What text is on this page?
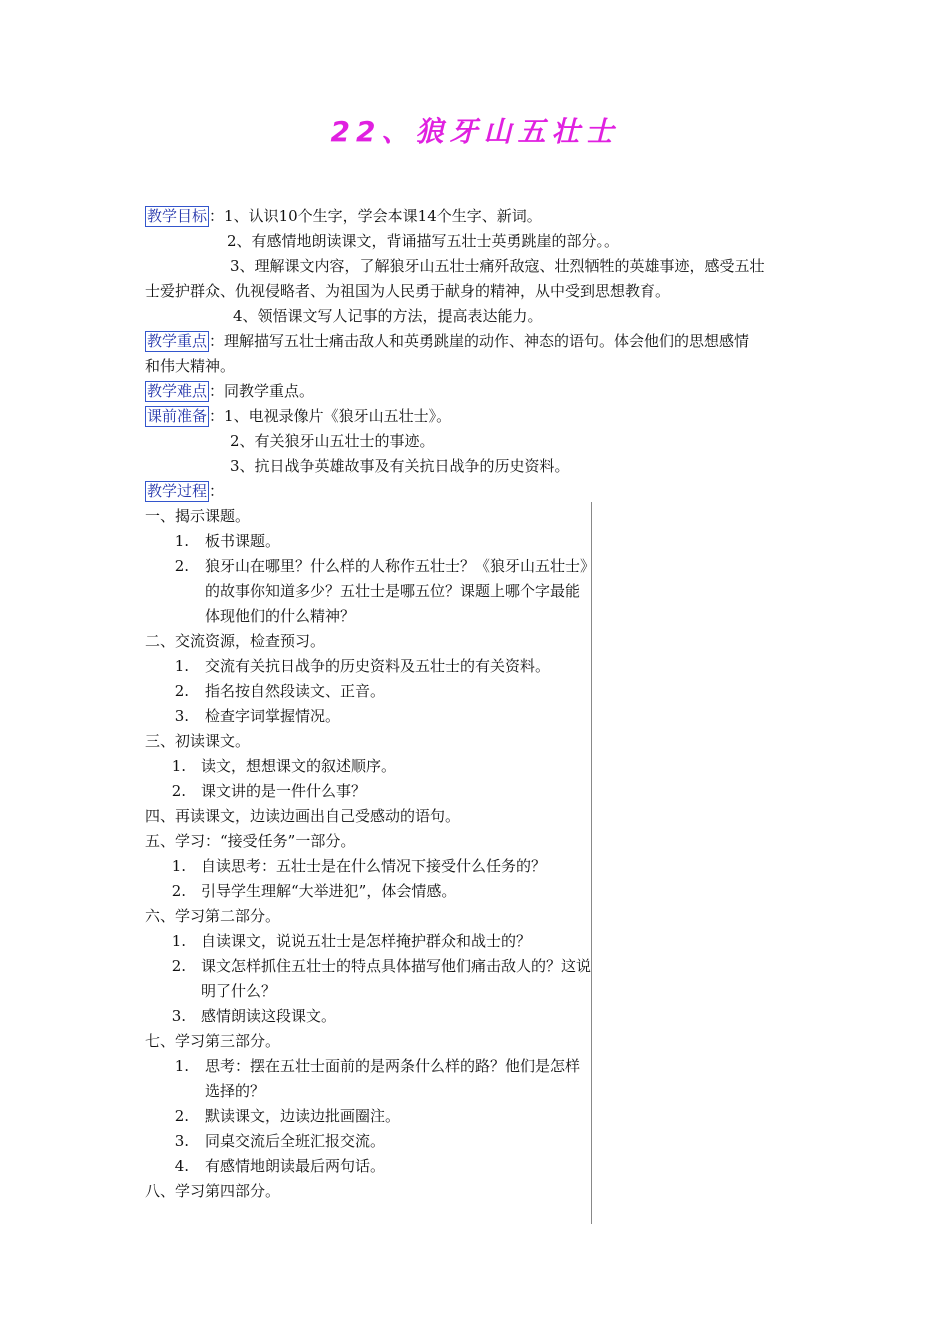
22、狼牙山五壮士
教学目标 ：1、认识10个生字，学会本课14个生字、新词。
2、有感情地朗读课文，背诵描写五壮士英勇跳崖的部分。。
3、理解课文内容，了解狼牙山五壮士痛歼敌寇、壮烈牺牲的英雄事迹，感受五壮
士爱护群众、仇视侵略者、为祖国为人民勇于献身的精神，从中受到思想教育。
4、领悟课文写人记事的方法，提高表达能力。
教学重点 ：理解描写五壮士痛击敌人和英勇跳崖的动作、神态的语句。体会他们的思想感情
和伟大精神。
教学难点 ：同教学重点。
课前准备 ：1、电视录像片《狼牙山五壮士》。
2、有关狼牙山五壮士的事迹。
3、抗日战争英雄故事及有关抗日战争的历史资料。
教学过程 ：
一、揭示课题。
1.	板书课题。
2.	狼牙山在哪里？什么样的人称作五壮士？《狼牙山五壮士》的故事你知道多少？五壮士是哪五位？课题上哪个字最能体现他们的什么精神？
二、交流资源，检查预习。
1.	交流有关抗日战争的历史资料及五壮士的有关资料。
2.	指名按自然段读文、正音。
3.	检查字词掌握情况。
三、初读课文。
1.	读文，想想课文的叙述顺序。
2.	课文讲的是一件什么事？
四、再读课文，边读边画出自己受感动的语句。
五、学习：“接受任务”一部分。
1.	自读思考：五壮士是在什么情况下接受什么任务的？
2.	引导学生理解“大举进犯”，体会情感。
六、学习第二部分。
1.	自读课文，说说五壮士是怎样掩护群众和战士的？
2.	课文怎样抓住五壮士的特点具体描写他们痛击敌人的？这说明了什么？
3.	感情朗读这段课文。
七、学习第三部分。
1.	思考：摆在五壮士面前的是两条什么样的路？他们是怎样选择的？
2.	默读课文，边读边批画圈注。
3.	同桌交流后全班汇报交流。
4.	有感情地朗读最后两句话。
八、学习第四部分。
